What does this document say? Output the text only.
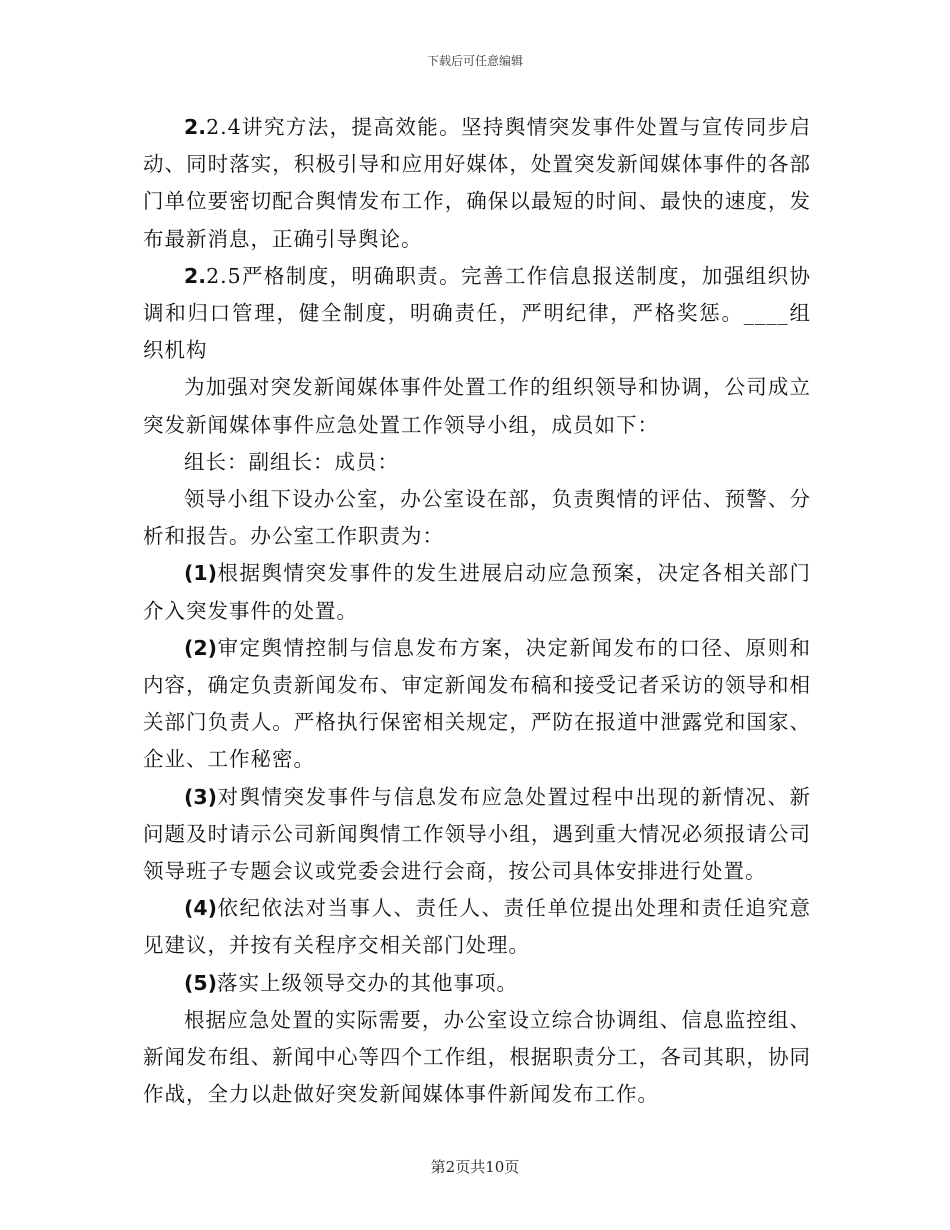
下载后可任意编辑

2.2.4讲究方法，提高效能。坚持舆情突发事件处置与宣传同步启动、同时落实，积极引导和应用好媒体，处置突发新闻媒体事件的各部门单位要密切配合舆情发布工作，确保以最短的时间、最快的速度，发布最新消息，正确引导舆论。

2.2.5严格制度，明确职责。完善工作信息报送制度，加强组织协调和归口管理，健全制度，明确责任，严明纪律，严格奖惩。____组织机构

为加强对突发新闻媒体事件处置工作的组织领导和协调，公司成立突发新闻媒体事件应急处置工作领导小组，成员如下：

组长：副组长：成员：

领导小组下设办公室，办公室设在部，负责舆情的评估、预警、分析和报告。办公室工作职责为：

(1)根据舆情突发事件的发生进展启动应急预案，决定各相关部门介入突发事件的处置。

(2)审定舆情控制与信息发布方案，决定新闻发布的口径、原则和内容，确定负责新闻发布、审定新闻发布稿和接受记者采访的领导和相关部门负责人。严格执行保密相关规定，严防在报道中泄露党和国家、企业、工作秘密。

(3)对舆情突发事件与信息发布应急处置过程中出现的新情况、新问题及时请示公司新闻舆情工作领导小组，遇到重大情况必须报请公司领导班子专题会议或党委会进行会商，按公司具体安排进行处置。

(4)依纪依法对当事人、责任人、责任单位提出处理和责任追究意见建议，并按有关程序交相关部门处理。

(5)落实上级领导交办的其他事项。

根据应急处置的实际需要，办公室设立综合协调组、信息监控组、新闻发布组、新闻中心等四个工作组，根据职责分工，各司其职，协同作战，全力以赴做好突发新闻媒体事件新闻发布工作。

第2页共10页
